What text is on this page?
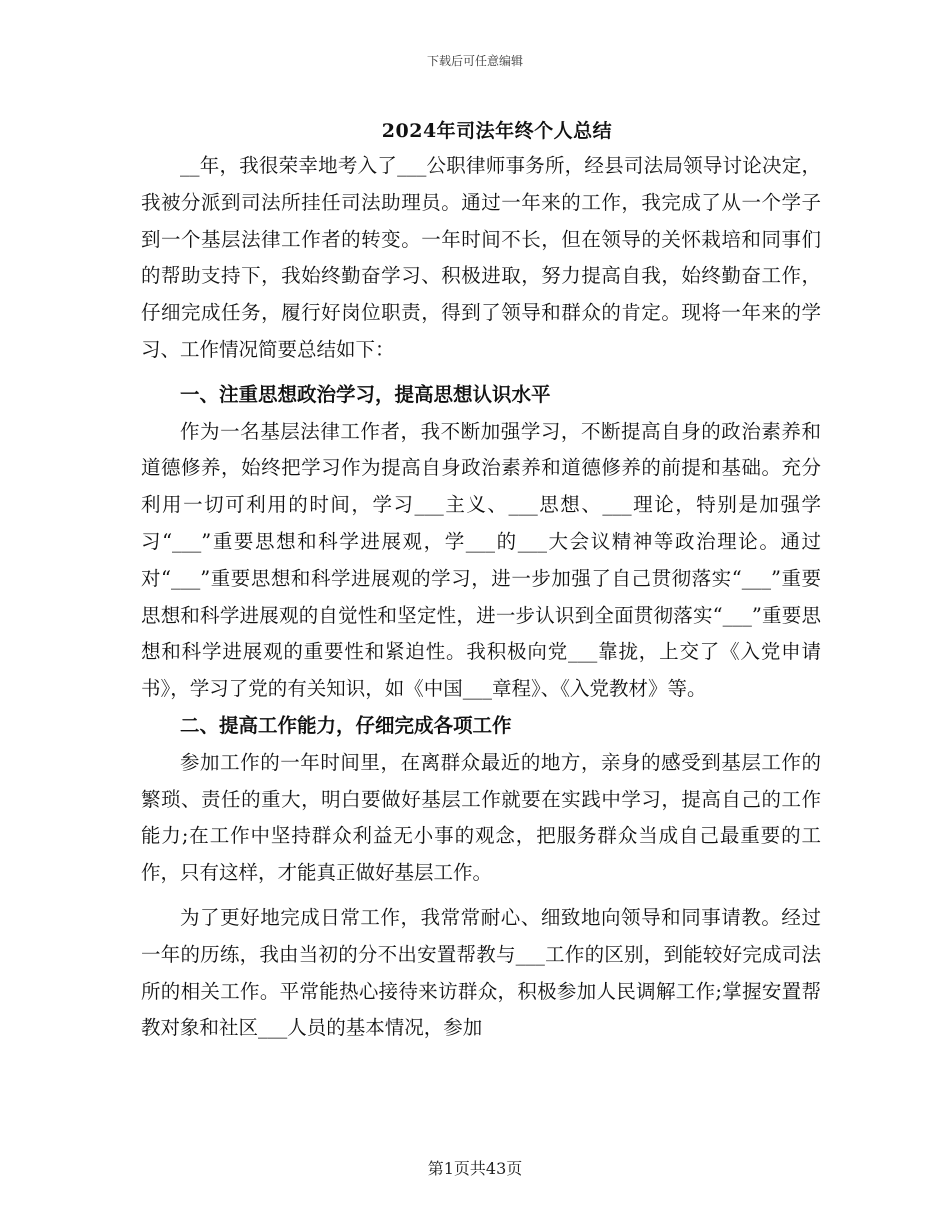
下载后可任意编辑
2024年司法年终个人总结

__年，我很荣幸地考入了___公职律师事务所，经县司法局领导讨论决定，我被分派到司法所挂任司法助理员。通过一年来的工作，我完成了从一个学子到一个基层法律工作者的转变。一年时间不长，但在领导的关怀栽培和同事们的帮助支持下，我始终勤奋学习、积极进取，努力提高自我，始终勤奋工作，仔细完成任务，履行好岗位职责，得到了领导和群众的肯定。现将一年来的学习、工作情况简要总结如下：

一、注重思想政治学习，提高思想认识水平

作为一名基层法律工作者，我不断加强学习，不断提高自身的政治素养和道德修养，始终把学习作为提高自身政治素养和道德修养的前提和基础。充分利用一切可利用的时间，学习___主义、___思想、___理论，特别是加强学习“___”重要思想和科学进展观，学___的___大会议精神等政治理论。通过对“___”重要思想和科学进展观的学习，进一步加强了自己贯彻落实“___”重要思想和科学进展观的自觉性和坚定性，进一步认识到全面贯彻落实“___”重要思想和科学进展观的重要性和紧迫性。我积极向党___靠拢，上交了《入党申请书》，学习了党的有关知识，如《中国___章程》、《入党教材》等。

二、提高工作能力，仔细完成各项工作

参加工作的一年时间里，在离群众最近的地方，亲身的感受到基层工作的繁琐、责任的重大，明白要做好基层工作就要在实践中学习，提高自己的工作能力;在工作中坚持群众利益无小事的观念，把服务群众当成自己最重要的工作，只有这样，才能真正做好基层工作。

为了更好地完成日常工作，我常常耐心、细致地向领导和同事请教。经过一年的历练，我由当初的分不出安置帮教与___工作的区别，到能较好完成司法所的相关工作。平常能热心接待来访群众，积极参加人民调解工作;掌握安置帮教对象和社区___人员的基本情况，参加

第1页共43页
